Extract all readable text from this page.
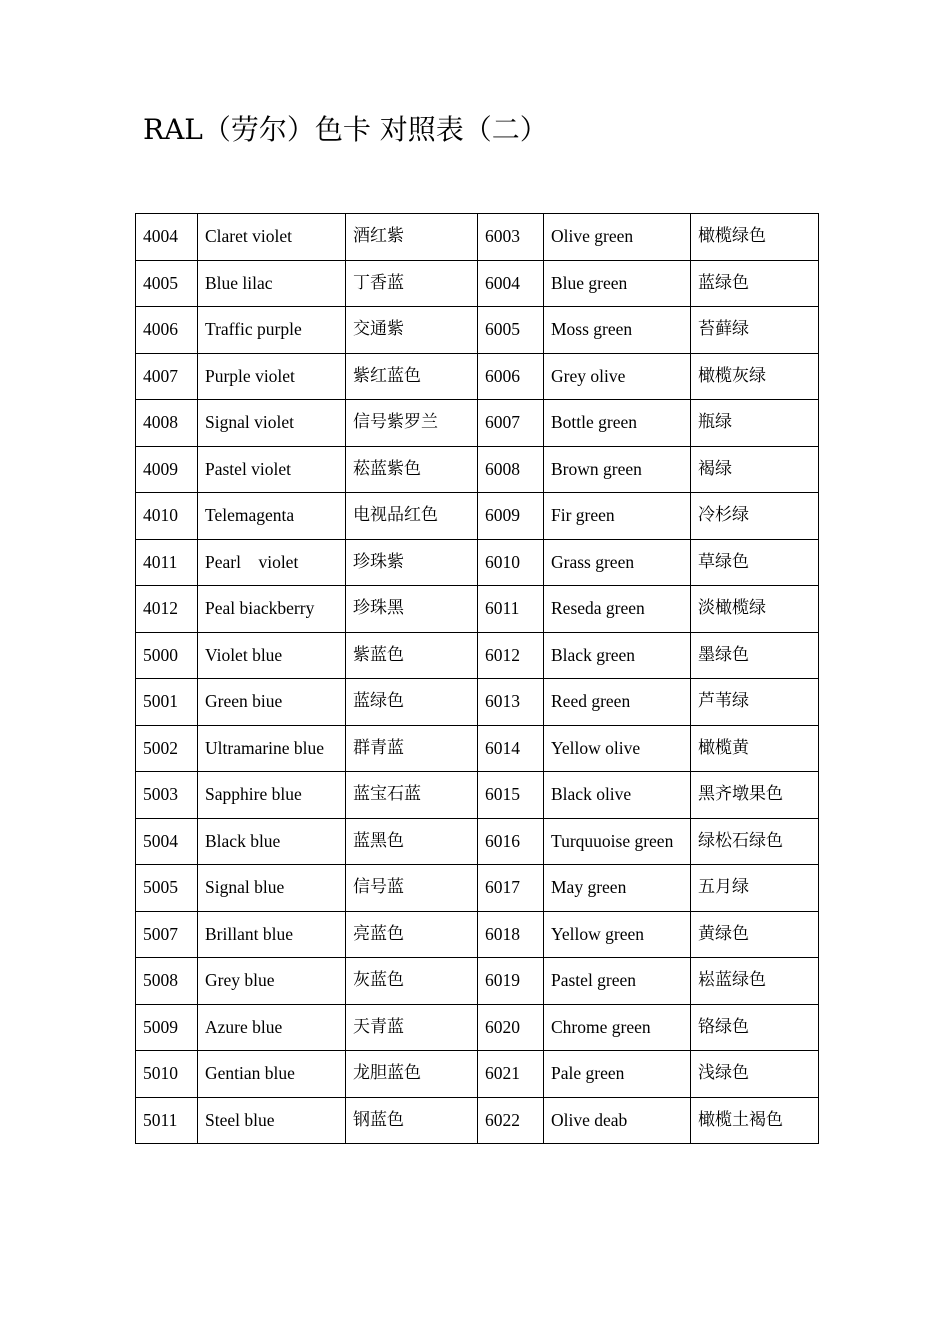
RAL（劳尔）色卡 对照表（二）
4004	Claret violet	酒红紫	6003	Olive green	橄榄绿色
4005	Blue lilac	丁香蓝	6004	Blue green	蓝绿色
4006	Traffic purple	交通紫	6005	Moss green	苔藓绿
4007	Purple violet	紫红蓝色	6006	Grey olive	橄榄灰绿
4008	Signal violet	信号紫罗兰	6007	Bottle green	瓶绿
4009	Pastel violet	菘蓝紫色	6008	Brown green	褐绿
4010	Telemagenta	电视品红色	6009	Fir green	冷杉绿
4011	Pearl    violet	珍珠紫	6010	Grass green	草绿色
4012	Peal biackberry	珍珠黑	6011	Reseda green	淡橄榄绿
5000	Violet blue	紫蓝色	6012	Black green	墨绿色
5001	Green biue	蓝绿色	6013	Reed green	芦苇绿
5002	Ultramarine blue	群青蓝	6014	Yellow olive	橄榄黄
5003	Sapphire blue	蓝宝石蓝	6015	Black olive	黑齐墩果色
5004	Black blue	蓝黑色	6016	Turquuoise green	绿松石绿色
5005	Signal blue	信号蓝	6017	May green	五月绿
5007	Brillant blue	亮蓝色	6018	Yellow green	黄绿色
5008	Grey blue	灰蓝色	6019	Pastel green	崧蓝绿色
5009	Azure blue	天青蓝	6020	Chrome green	铬绿色
5010	Gentian blue	龙胆蓝色	6021	Pale green	浅绿色
5011	Steel blue	钢蓝色	6022	Olive deab	橄榄土褐色
